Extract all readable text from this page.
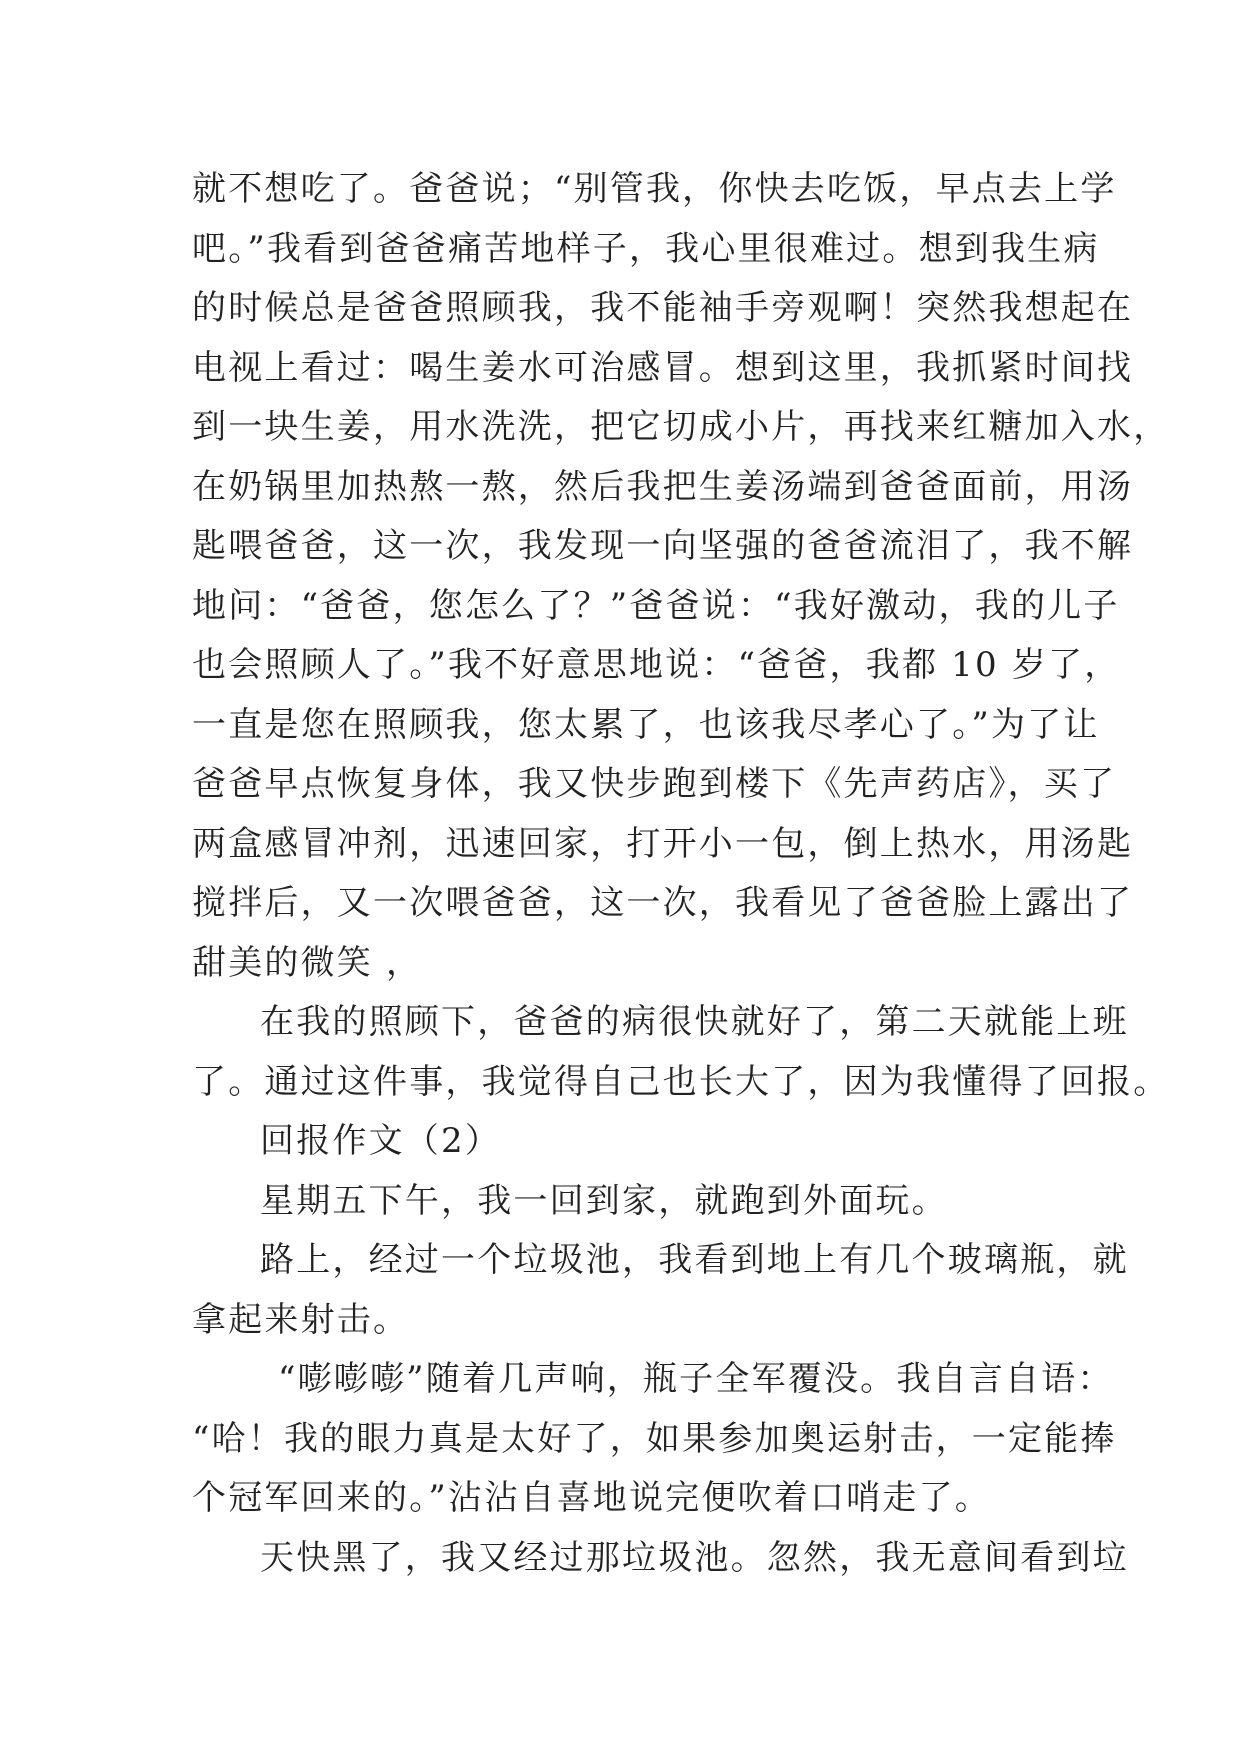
就不想吃了。爸爸说；“别管我，你快去吃饭，早点去上学
吧。”我看到爸爸痛苦地样子，我心里很难过。想到我生病
的时候总是爸爸照顾我，我不能袖手旁观啊！突然我想起在
电视上看过：喝生姜水可治感冒。想到这里，我抓紧时间找
到一块生姜，用水洗洗，把它切成小片，再找来红糖加入水，
在奶锅里加热熬一熬，然后我把生姜汤端到爸爸面前，用汤
匙喂爸爸，这一次，我发现一向坚强的爸爸流泪了，我不解
地问：“爸爸，您怎么了？”爸爸说：“我好激动，我的儿子
也会照顾人了。”我不好意思地说：“爸爸，我都 10 岁了，
一直是您在照顾我，您太累了，也该我尽孝心了。”为了让
爸爸早点恢复身体，我又快步跑到楼下《先声药店》，买了
两盒感冒冲剂，迅速回家，打开小一包，倒上热水，用汤匙
搅拌后，又一次喂爸爸，这一次，我看见了爸爸脸上露出了
甜美的微笑 ，
在我的照顾下，爸爸的病很快就好了，第二天就能上班
了。通过这件事，我觉得自己也长大了，因为我懂得了回报。
回报作文（2）
星期五下午，我一回到家，就跑到外面玩。
路上，经过一个垃圾池，我看到地上有几个玻璃瓶，就
拿起来射击。
“嘭嘭嘭”随着几声响，瓶子全军覆没。我自言自语：
“哈！我的眼力真是太好了，如果参加奥运射击，一定能捧
个冠军回来的。”沾沾自喜地说完便吹着口哨走了。
天快黑了，我又经过那垃圾池。忽然，我无意间看到垃
